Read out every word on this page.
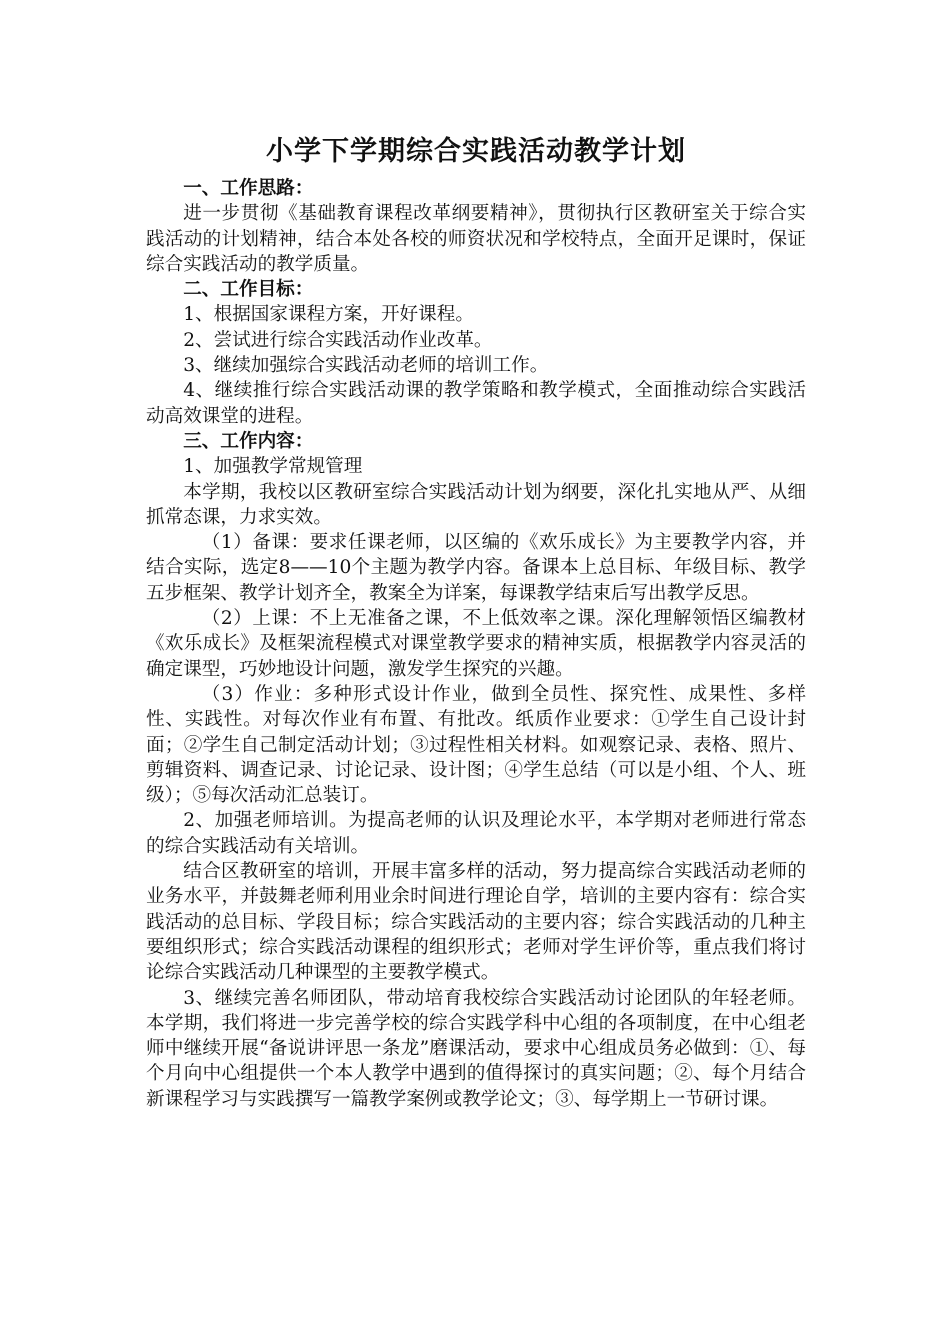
小学下学期综合实践活动教学计划

一、工作思路：

进一步贯彻《基础教育课程改革纲要精神》，贯彻执行区教研室关于综合实践活动的计划精神，结合本处各校的师资状况和学校特点，全面开足课时，保证综合实践活动的教学质量。

二、工作目标：

1、根据国家课程方案，开好课程。

2、尝试进行综合实践活动作业改革。

3、继续加强综合实践活动老师的培训工作。

4、继续推行综合实践活动课的教学策略和教学模式，全面推动综合实践活动高效课堂的进程。

三、工作内容：

1、加强教学常规管理

本学期，我校以区教研室综合实践活动计划为纲要，深化扎实地从严、从细抓常态课，力求实效。

（1）备课：要求任课老师，以区编的《欢乐成长》为主要教学内容，并结合实际，选定8——10个主题为教学内容。备课本上总目标、年级目标、教学五步框架、教学计划齐全，教案全为详案，每课教学结束后写出教学反思。

（2）上课：不上无准备之课，不上低效率之课。深化理解领悟区编教材《欢乐成长》及框架流程模式对课堂教学要求的精神实质，根据教学内容灵活的确定课型，巧妙地设计问题，激发学生探究的兴趣。

（3）作业：多种形式设计作业，做到全员性、探究性、成果性、多样性、实践性。对每次作业有布置、有批改。纸质作业要求：①学生自己设计封面；②学生自己制定活动计划；③过程性相关材料。如观察记录、表格、照片、剪辑资料、调查记录、讨论记录、设计图；④学生总结（可以是小组、个人、班级）；⑤每次活动汇总装订。

2、加强老师培训。为提高老师的认识及理论水平，本学期对老师进行常态的综合实践活动有关培训。

结合区教研室的培训，开展丰富多样的活动，努力提高综合实践活动老师的业务水平，并鼓舞老师利用业余时间进行理论自学，培训的主要内容有：综合实践活动的总目标、学段目标；综合实践活动的主要内容；综合实践活动的几种主要组织形式；综合实践活动课程的组织形式；老师对学生评价等，重点我们将讨论综合实践活动几种课型的主要教学模式。

3、继续完善名师团队，带动培育我校综合实践活动讨论团队的年轻老师。本学期，我们将进一步完善学校的综合实践学科中心组的各项制度，在中心组老师中继续开展“备说讲评思一条龙”磨课活动，要求中心组成员务必做到：①、每个月向中心组提供一个本人教学中遇到的值得探讨的真实问题；②、每个月结合新课程学习与实践撰写一篇教学案例或教学论文；③、每学期上一节研讨课。
